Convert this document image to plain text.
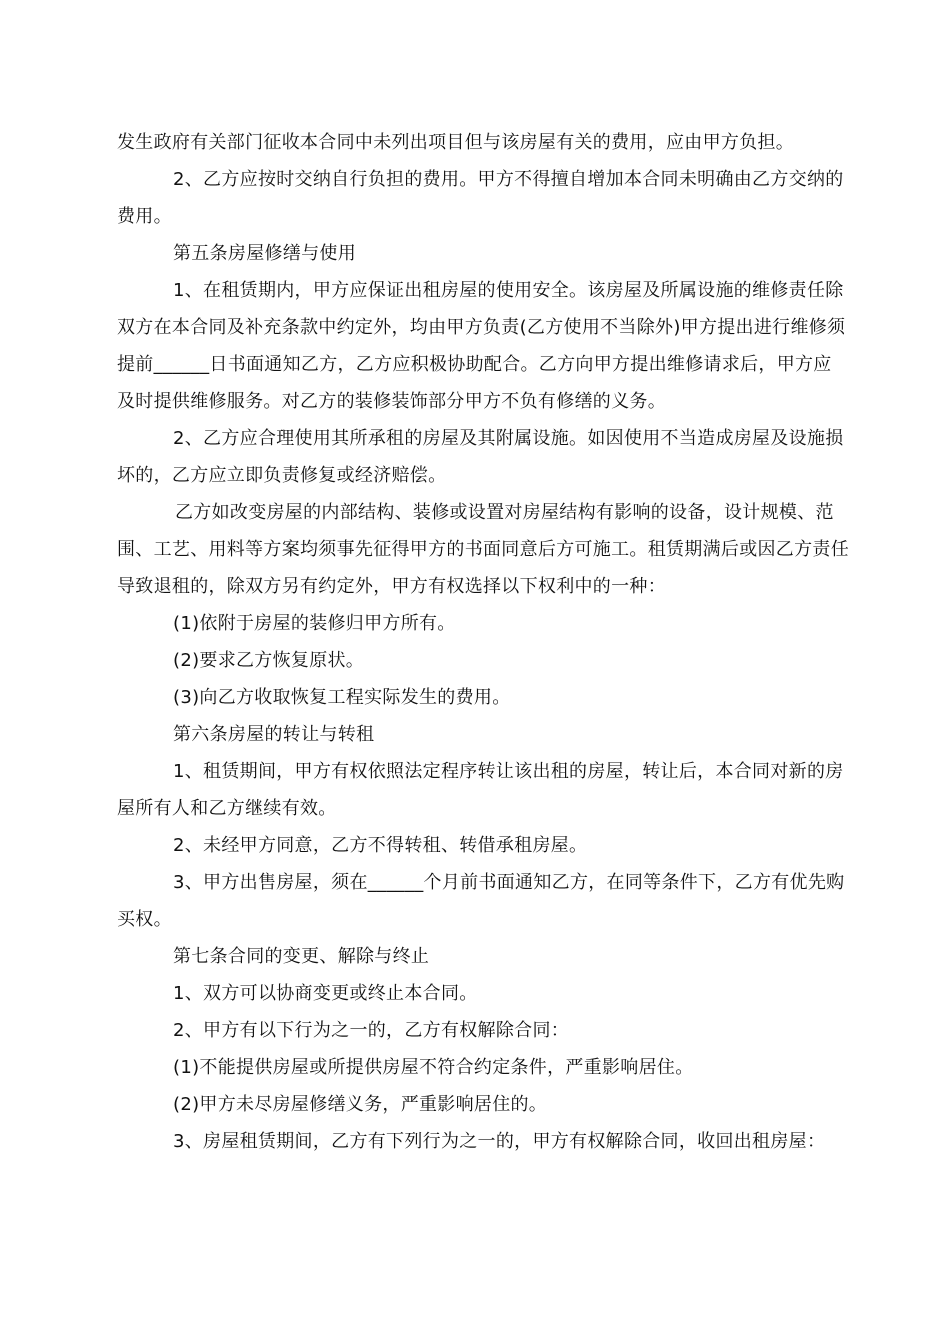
发生政府有关部门征收本合同中未列出项目但与该房屋有关的费用，应由甲方负担。

2、乙方应按时交纳自行负担的费用。甲方不得擅自增加本合同未明确由乙方交纳的费用。

第五条房屋修缮与使用

1、在租赁期内，甲方应保证出租房屋的使用安全。该房屋及所属设施的维修责任除双方在本合同及补充条款中约定外，均由甲方负责(乙方使用不当除外)甲方提出进行维修须提前______日书面通知乙方，乙方应积极协助配合。乙方向甲方提出维修请求后，甲方应及时提供维修服务。对乙方的装修装饰部分甲方不负有修缮的义务。

2、乙方应合理使用其所承租的房屋及其附属设施。如因使用不当造成房屋及设施损坏的，乙方应立即负责修复或经济赔偿。

乙方如改变房屋的内部结构、装修或设置对房屋结构有影响的设备，设计规模、范围、工艺、用料等方案均须事先征得甲方的书面同意后方可施工。租赁期满后或因乙方责任导致退租的，除双方另有约定外，甲方有权选择以下权利中的一种：

(1)依附于房屋的装修归甲方所有。

(2)要求乙方恢复原状。

(3)向乙方收取恢复工程实际发生的费用。

第六条房屋的转让与转租

1、租赁期间，甲方有权依照法定程序转让该出租的房屋，转让后，本合同对新的房屋所有人和乙方继续有效。

2、未经甲方同意，乙方不得转租、转借承租房屋。

3、甲方出售房屋，须在______个月前书面通知乙方，在同等条件下，乙方有优先购买权。

第七条合同的变更、解除与终止

1、双方可以协商变更或终止本合同。

2、甲方有以下行为之一的，乙方有权解除合同：

(1)不能提供房屋或所提供房屋不符合约定条件，严重影响居住。

(2)甲方未尽房屋修缮义务，严重影响居住的。

3、房屋租赁期间，乙方有下列行为之一的，甲方有权解除合同，收回出租房屋：
